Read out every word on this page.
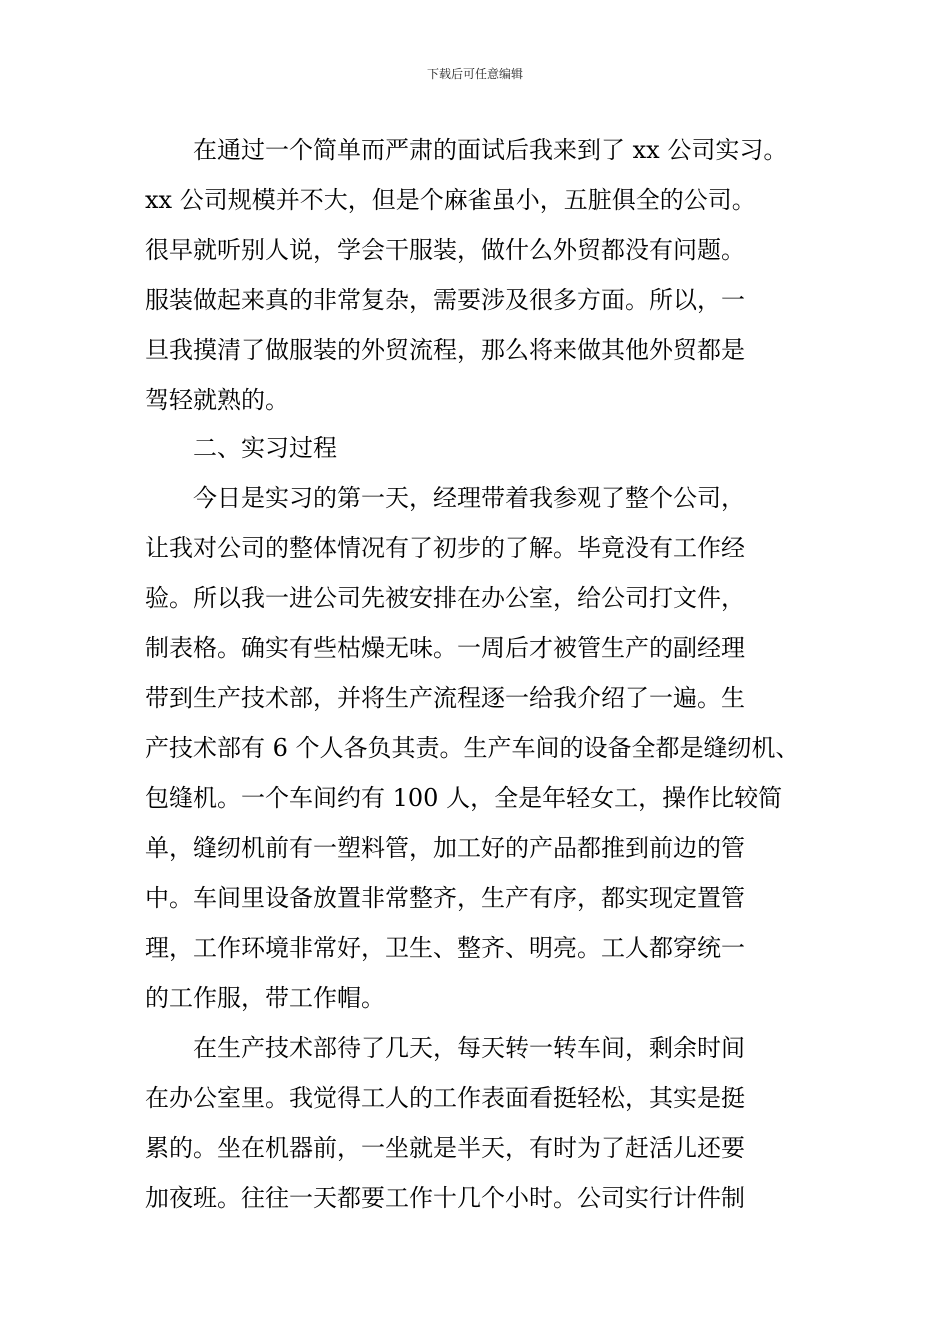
下载后可任意编辑
　　在通过一个简单而严肃的面试后我来到了 xx 公司实习。
xx 公司规模并不大，但是个麻雀虽小，五脏俱全的公司。
很早就听别人说，学会干服装，做什么外贸都没有问题。
服装做起来真的非常复杂，需要涉及很多方面。所以，一
旦我摸清了做服装的外贸流程，那么将来做其他外贸都是
驾轻就熟的。
　　二、实习过程
　　今日是实习的第一天，经理带着我参观了整个公司，
让我对公司的整体情况有了初步的了解。毕竟没有工作经
验。所以我一进公司先被安排在办公室，给公司打文件，
制表格。确实有些枯燥无味。一周后才被管生产的副经理
带到生产技术部，并将生产流程逐一给我介绍了一遍。生
产技术部有 6 个人各负其责。生产车间的设备全都是缝纫机、
包缝机。一个车间约有 100 人，全是年轻女工，操作比较简
单，缝纫机前有一塑料管，加工好的产品都推到前边的管
中。车间里设备放置非常整齐，生产有序，都实现定置管
理，工作环境非常好，卫生、整齐、明亮。工人都穿统一
的工作服，带工作帽。
　　在生产技术部待了几天，每天转一转车间，剩余时间
在办公室里。我觉得工人的工作表面看挺轻松，其实是挺
累的。坐在机器前，一坐就是半天，有时为了赶活儿还要
加夜班。往往一天都要工作十几个小时。公司实行计件制
